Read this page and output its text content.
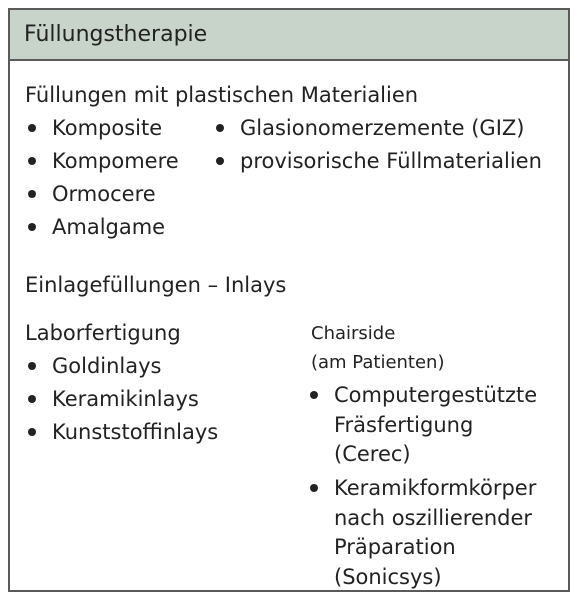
Füllungstherapie
Füllungen mit plastischen Materialien
Komposite
Kompomere
Ormocere
Amalgame
Glasionomerzemente (GIZ)
provisorische Füllmaterialien
Einlagefüllungen – Inlays
Laborfertigung
Goldinlays
Keramikinlays
Kunststoffinlays
Chairside
(am Patienten)
Computergestützte
Fräsfertigung
(Cerec)
Keramikformkörper
nach oszillierender
Präparation
(Sonicsys)
